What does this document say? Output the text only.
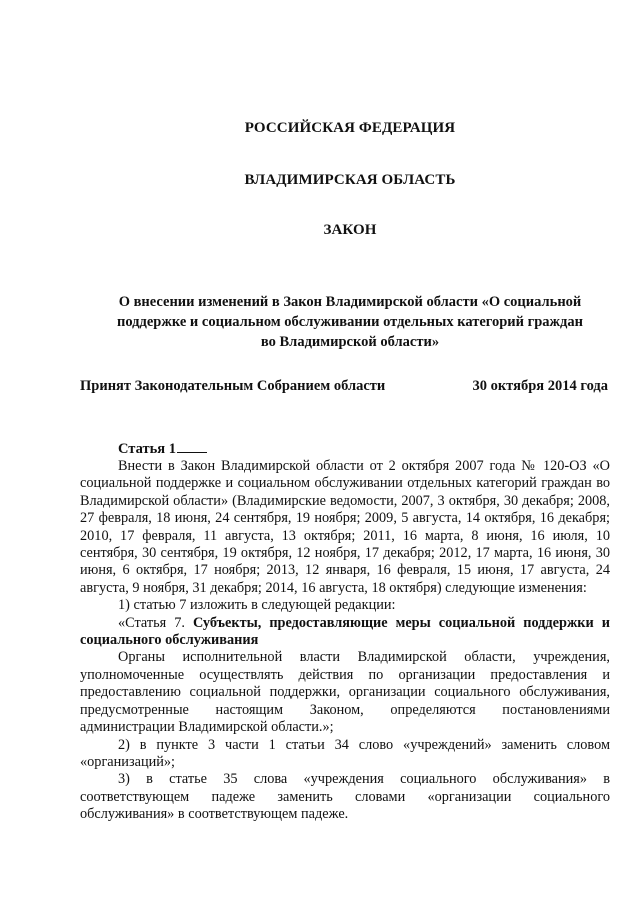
РОССИЙСКАЯ ФЕДЕРАЦИЯ
ВЛАДИМИРСКАЯ ОБЛАСТЬ
ЗАКОН
О внесении изменений в Закон Владимирской области «О социальной
поддержке и социальном обслуживании отдельных категорий граждан
во Владимирской области»
Принят Законодательным Собранием области	30 октября 2014 года
Статья 1

Внести в Закон Владимирской области от 2 октября 2007 года № 120-ОЗ «О социальной поддержке и социальном обслуживании отдельных категорий граждан во Владимирской области» (Владимирские ведомости, 2007, 3 октября, 30 декабря; 2008, 27 февраля, 18 июня, 24 сентября, 19 ноября; 2009, 5 августа, 14 октября, 16 декабря; 2010, 17 февраля, 11 августа, 13 октября; 2011, 16 марта, 8 июня, 16 июля, 10 сентября, 30 сентября, 19 октября, 12 ноября, 17 декабря; 2012, 17 марта, 16 июня, 30 июня, 6 октября, 17 ноября; 2013, 12 января, 16 февраля, 15 июня, 17 августа, 24 августа, 9 ноября, 31 декабря; 2014, 16 августа, 18 октября) следующие изменения:

1) статью 7 изложить в следующей редакции:

«Статья 7. Субъекты, предоставляющие меры социальной поддержки и социального обслуживания

Органы исполнительной власти Владимирской области, учреждения, уполномоченные осуществлять действия по организации предоставления и предоставлению социальной поддержки, организации социального обслуживания, предусмотренные настоящим Законом, определяются постановлениями администрации Владимирской области.»;

2) в пункте 3 части 1 статьи 34 слово «учреждений» заменить словом «организаций»;

3) в статье 35 слова «учреждения социального обслуживания» в соответствующем падеже заменить словами «организации социального обслуживания» в соответствующем падеже.
